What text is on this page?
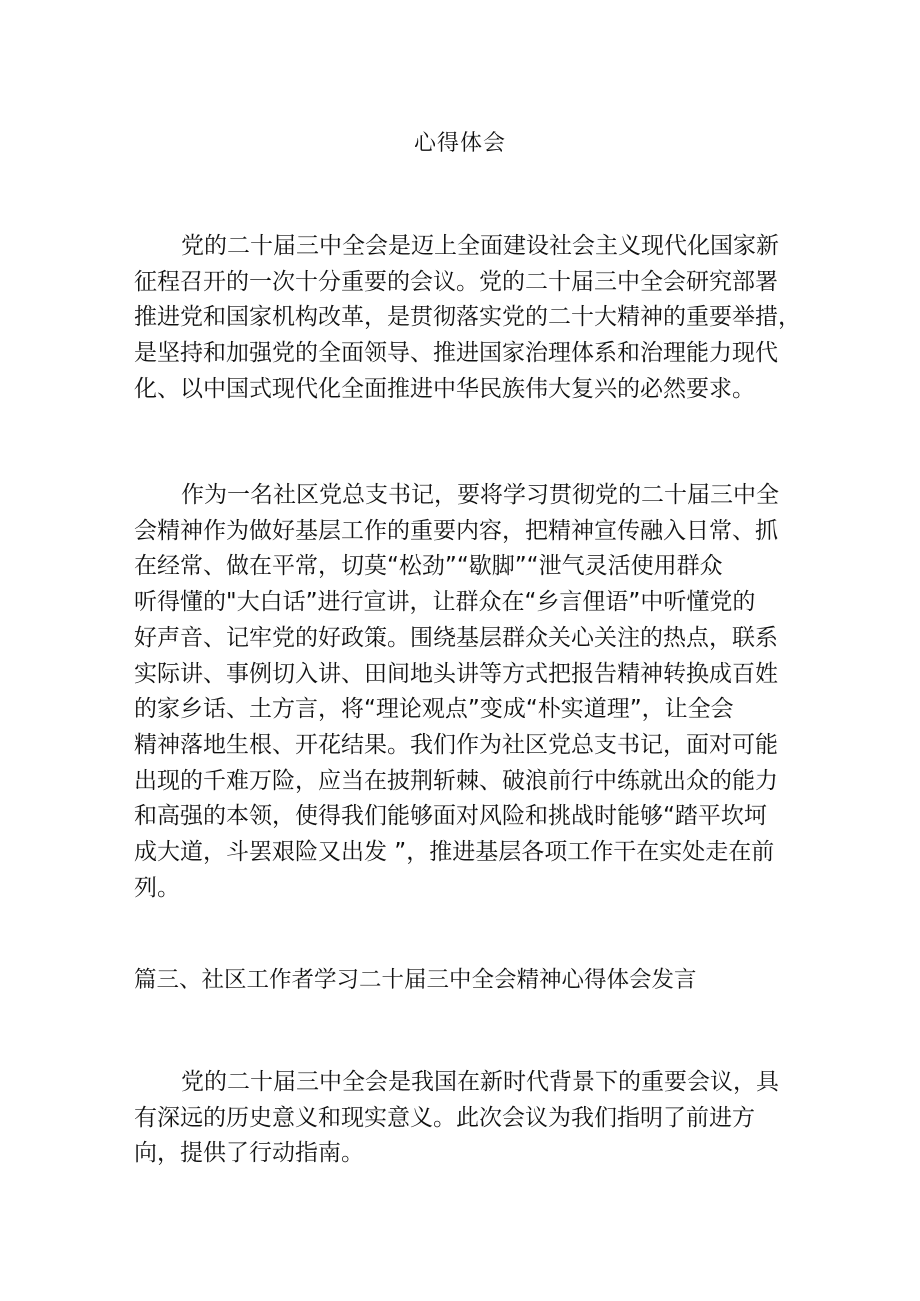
心得体会

党的二十届三中全会是迈上全面建设社会主义现代化国家新
征程召开的一次十分重要的会议。党的二十届三中全会研究部署
推进党和国家机构改革，是贯彻落实党的二十大精神的重要举措，
是坚持和加强党的全面领导、推进国家治理体系和治理能力现代
化、以中国式现代化全面推进中华民族伟大复兴的必然要求。

作为一名社区党总支书记，要将学习贯彻党的二十届三中全
会精神作为做好基层工作的重要内容，把精神宣传融入日常、抓
在经常、做在平常，切莫“松劲”“歇脚”“泄气灵活使用群众
听得懂的"大白话”进行宣讲，让群众在“乡言俚语”中听懂党的
好声音、记牢党的好政策。围绕基层群众关心关注的热点，联系
实际讲、事例切入讲、田间地头讲等方式把报告精神转换成百姓
的家乡话、土方言，将“理论观点”变成“朴实道理”，让全会
精神落地生根、开花结果。我们作为社区党总支书记，面对可能
出现的千难万险，应当在披荆斩棘、破浪前行中练就出众的能力
和高强的本领，使得我们能够面对风险和挑战时能够“踏平坎坷
成大道，斗罢艰险又出发 ”，推进基层各项工作干在实处走在前
列。

篇三、社区工作者学习二十届三中全会精神心得体会发言

党的二十届三中全会是我国在新时代背景下的重要会议，具
有深远的历史意义和现实意义。此次会议为我们指明了前进方
向，提供了行动指南。
